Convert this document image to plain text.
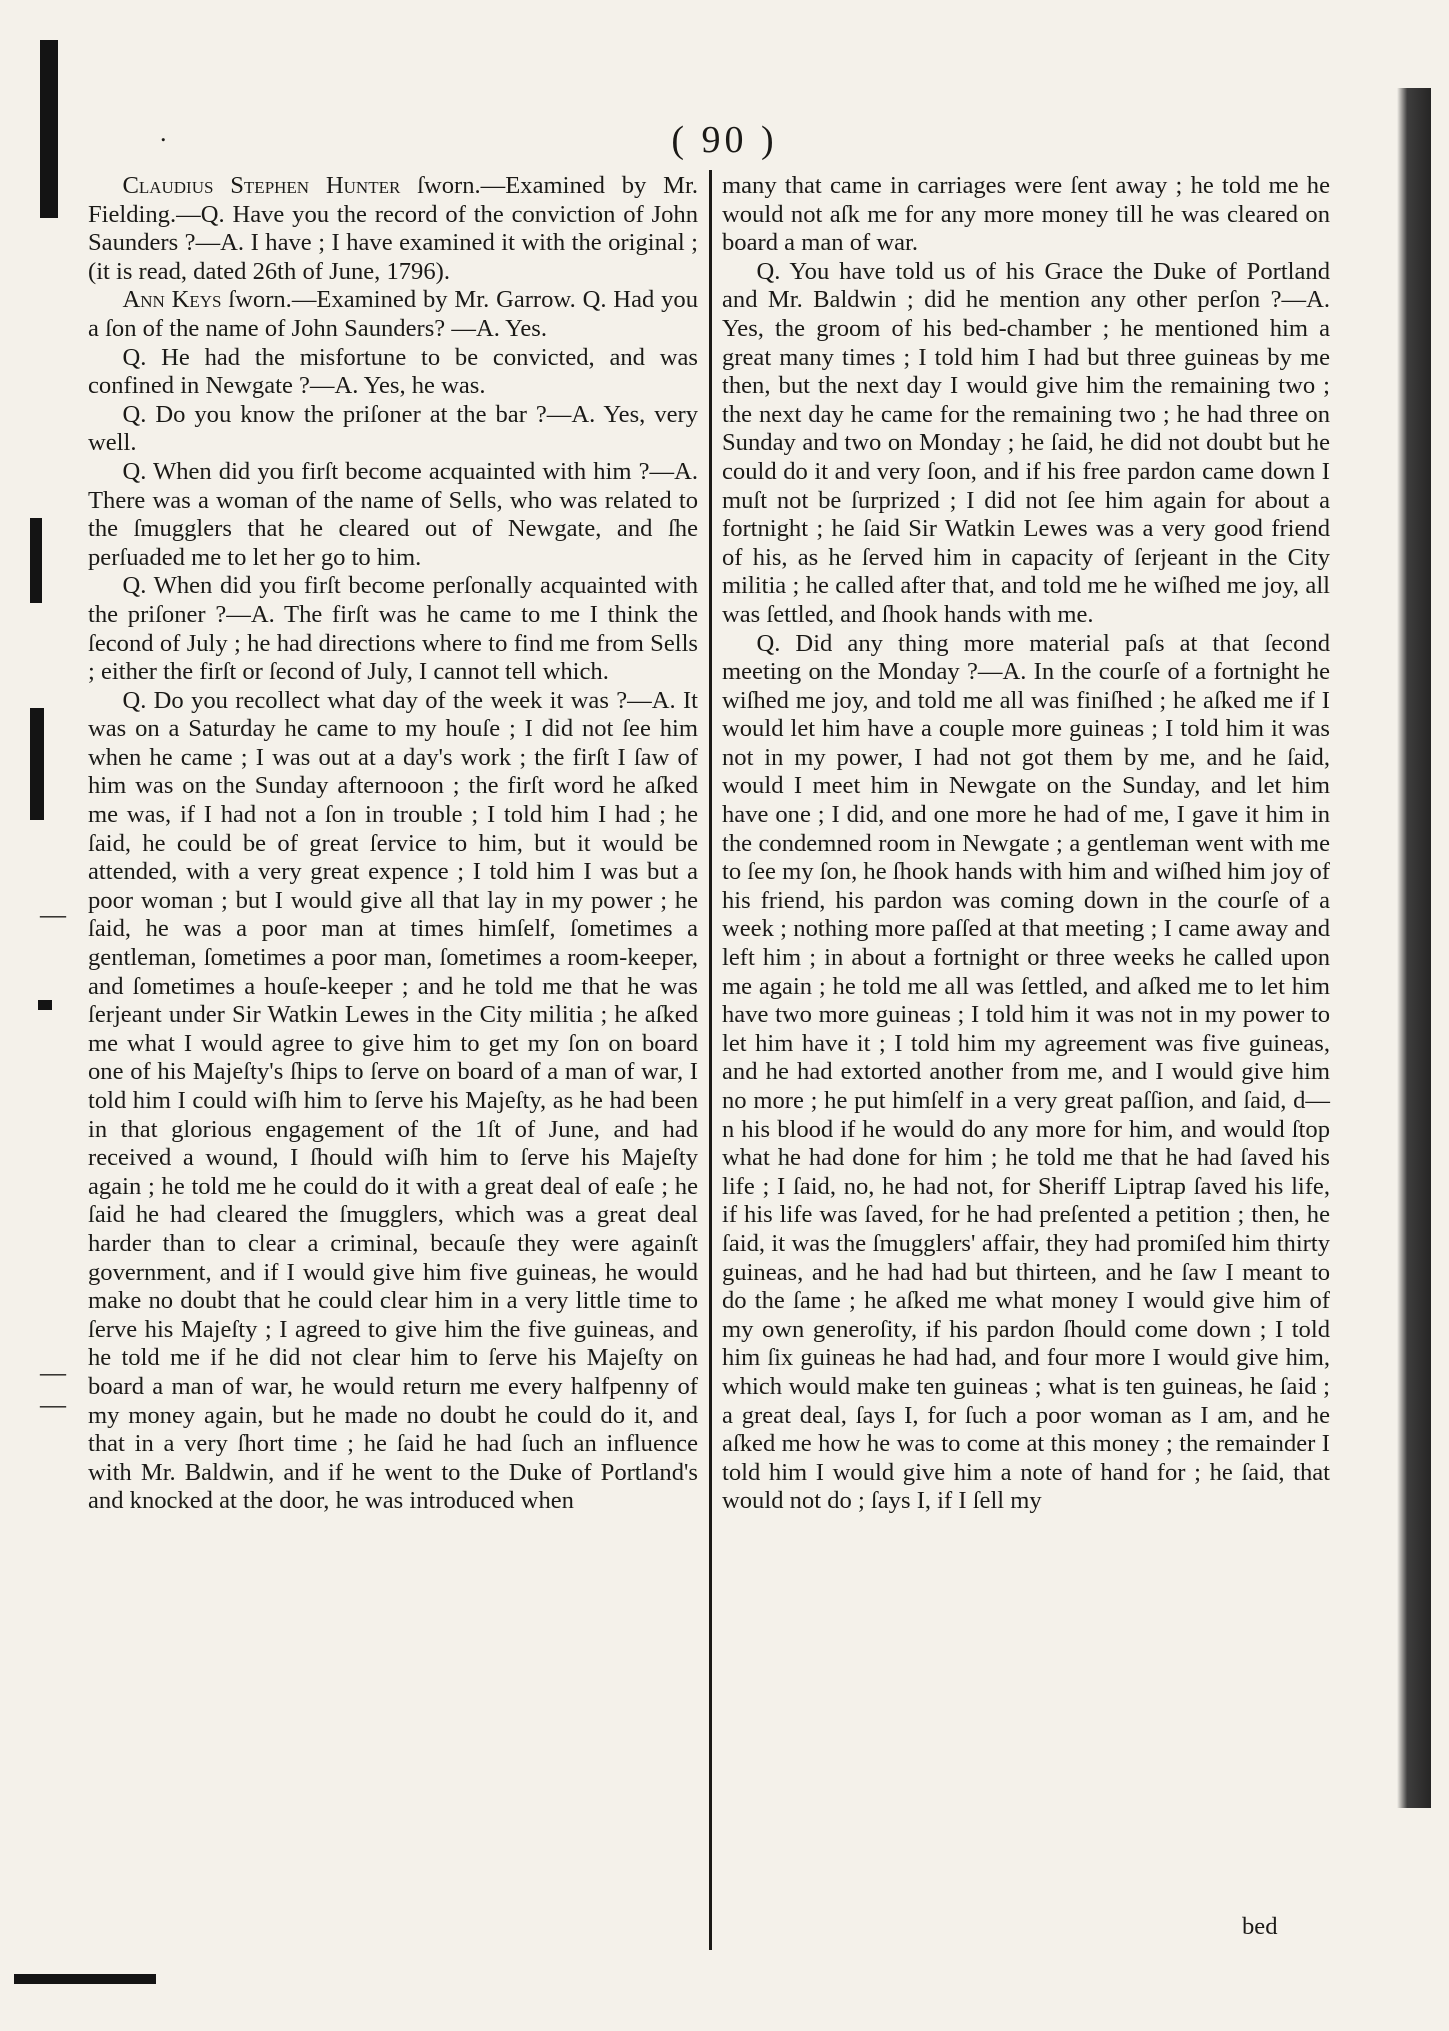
—
—
—
.	( 90 )

Claudius Stephen Hunter ſworn.—Examined by Mr. Fielding.—Q. Have you the record of the conviction of John Saunders ?—A. I have ; I have examined it with the original ; (it is read, dated 26th of June, 1796).

Ann Keys ſworn.—Examined by Mr. Garrow. Q. Had you a ſon of the name of John Saunders? —A. Yes.

Q. He had the misfortune to be convicted, and was confined in Newgate ?—A. Yes, he was.

Q. Do you know the priſoner at the bar ?—A. Yes, very well.

Q. When did you firſt become acquainted with him ?—A. There was a woman of the name of Sells, who was related to the ſmugglers that he cleared out of Newgate, and ſhe perſuaded me to let her go to him.

Q. When did you firſt become perſonally acquainted with the priſoner ?—A. The firſt was he came to me I think the ſecond of July ; he had directions where to find me from Sells ; either the firſt or ſecond of July, I cannot tell which.

Q. Do you recollect what day of the week it was ?—A. It was on a Saturday he came to my houſe ; I did not ſee him when he came ; I was out at a day's work ; the firſt I ſaw of him was on the Sunday afternooon ; the firſt word he aſked me was, if I had not a ſon in trouble ; I told him I had ; he ſaid, he could be of great ſervice to him, but it would be attended, with a very great expence ; I told him I was but a poor woman ; but I would give all that lay in my power ; he ſaid, he was a poor man at times himſelf, ſometimes a gentleman, ſometimes a poor man, ſometimes a room-keeper, and ſometimes a houſe-keeper ; and he told me that he was ſerjeant under Sir Watkin Lewes in the City militia ; he aſked me what I would agree to give him to get my ſon on board one of his Majeſty's ſhips to ſerve on board of a man of war, I told him I could wiſh him to ſerve his Majeſty, as he had been in that glorious engagement of the 1ſt of June, and had received a wound, I ſhould wiſh him to ſerve his Majeſty again ; he told me he could do it with a great deal of eaſe ; he ſaid he had cleared the ſmugglers, which was a great deal harder than to clear a criminal, becauſe they were againſt government, and if I would give him five guineas, he would make no doubt that he could clear him in a very little time to ſerve his Majeſty ; I agreed to give him the five guineas, and he told me if he did not clear him to ſerve his Majeſty on board a man of war, he would return me every halfpenny of my money again, but he made no doubt he could do it, and that in a very ſhort time ; he ſaid he had ſuch an influence with Mr. Baldwin, and if he went to the Duke of Portland's and knocked at the door, he was introduced when

many that came in carriages were ſent away ; he told me he would not aſk me for any more money till he was cleared on board a man of war.

Q. You have told us of his Grace the Duke of Portland and Mr. Baldwin ; did he mention any other perſon ?—A. Yes, the groom of his bed-chamber ; he mentioned him a great many times ; I told him I had but three guineas by me then, but the next day I would give him the remaining two ; the next day he came for the remaining two ; he had three on Sunday and two on Monday ; he ſaid, he did not doubt but he could do it and very ſoon, and if his free pardon came down I muſt not be ſurprized ; I did not ſee him again for about a fortnight ; he ſaid Sir Watkin Lewes was a very good friend of his, as he ſerved him in capacity of ſerjeant in the City militia ; he called after that, and told me he wiſhed me joy, all was ſettled, and ſhook hands with me.

Q. Did any thing more material paſs at that ſecond meeting on the Monday ?—A. In the courſe of a fortnight he wiſhed me joy, and told me all was finiſhed ; he aſked me if I would let him have a couple more guineas ; I told him it was not in my power, I had not got them by me, and he ſaid, would I meet him in Newgate on the Sunday, and let him have one ; I did, and one more he had of me, I gave it him in the condemned room in Newgate ; a gentleman went with me to ſee my ſon, he ſhook hands with him and wiſhed him joy of his friend, his pardon was coming down in the courſe of a week ; nothing more paſſed at that meeting ; I came away and left him ; in about a fortnight or three weeks he called upon me again ; he told me all was ſettled, and aſked me to let him have two more guineas ; I told him it was not in my power to let him have it ; I told him my agreement was five guineas, and he had extorted another from me, and I would give him no more ; he put himſelf in a very great paſſion, and ſaid, d—n his blood if he would do any more for him, and would ſtop what he had done for him ; he told me that he had ſaved his life ; I ſaid, no, he had not, for Sheriff Liptrap ſaved his life, if his life was ſaved, for he had preſented a petition ; then, he ſaid, it was the ſmugglers' affair, they had promiſed him thirty guineas, and he had had but thirteen, and he ſaw I meant to do the ſame ; he aſked me what money I would give him of my own generoſity, if his pardon ſhould come down ; I told him ſix guineas he had had, and four more I would give him, which would make ten guineas ; what is ten guineas, he ſaid ; a great deal, ſays I, for ſuch a poor woman as I am, and he aſked me how he was to come at this money ; the remainder I told him I would give him a note of hand for ; he ſaid, that would not do ; ſays I, if I ſell my

bed
